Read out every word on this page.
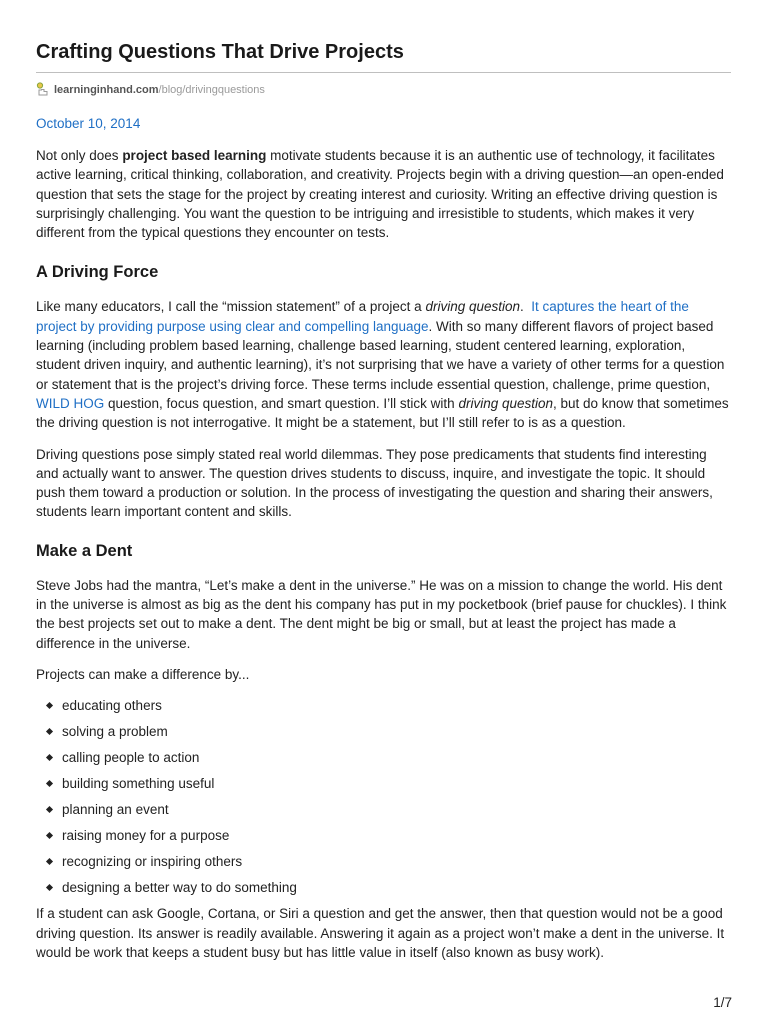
Crafting Questions That Drive Projects
learninginhand.com /blog/drivingquestions
October 10, 2014

Not only does project based learning motivate students because it is an authentic use of technology, it facilitates active learning, critical thinking, collaboration, and creativity. Projects begin with a driving question—an open-ended question that sets the stage for the project by creating interest and curiosity. Writing an effective driving question is surprisingly challenging. You want the question to be intriguing and irresistible to students, which makes it very different from the typical questions they encounter on tests.

A Driving Force

Like many educators, I call the “mission statement” of a project a driving question.  It captures the heart of the project by providing purpose using clear and compelling language. With so many different flavors of project based learning (including problem based learning, challenge based learning, student centered learning, exploration, student driven inquiry, and authentic learning), it’s not surprising that we have a variety of other terms for a question or statement that is the project’s driving force. These terms include essential question, challenge, prime question, WILD HOG question, focus question, and smart question. I’ll stick with driving question, but do know that sometimes the driving question is not interrogative. It might be a statement, but I’ll still refer to is as a question.

Driving questions pose simply stated real world dilemmas. They pose predicaments that students find interesting and actually want to answer. The question drives students to discuss, inquire, and investigate the topic. It should push them toward a production or solution. In the process of investigating the question and sharing their answers, students learn important content and skills.

Make a Dent

Steve Jobs had the mantra, “Let’s make a dent in the universe.” He was on a mission to change the world. His dent in the universe is almost as big as the dent his company has put in my pocketbook (brief pause for chuckles). I think the best projects set out to make a dent. The dent might be big or small, but at least the project has made a difference in the universe.

Projects can make a difference by...

educating others
solving a problem
calling people to action
building something useful
planning an event
raising money for a purpose
recognizing or inspiring others
designing a better way to do something

If a student can ask Google, Cortana, or Siri a question and get the answer, then that question would not be a good driving question. Its answer is readily available. Answering it again as a project won’t make a dent in the universe. It would be work that keeps a student busy but has little value in itself (also known as busy work).

1/7
